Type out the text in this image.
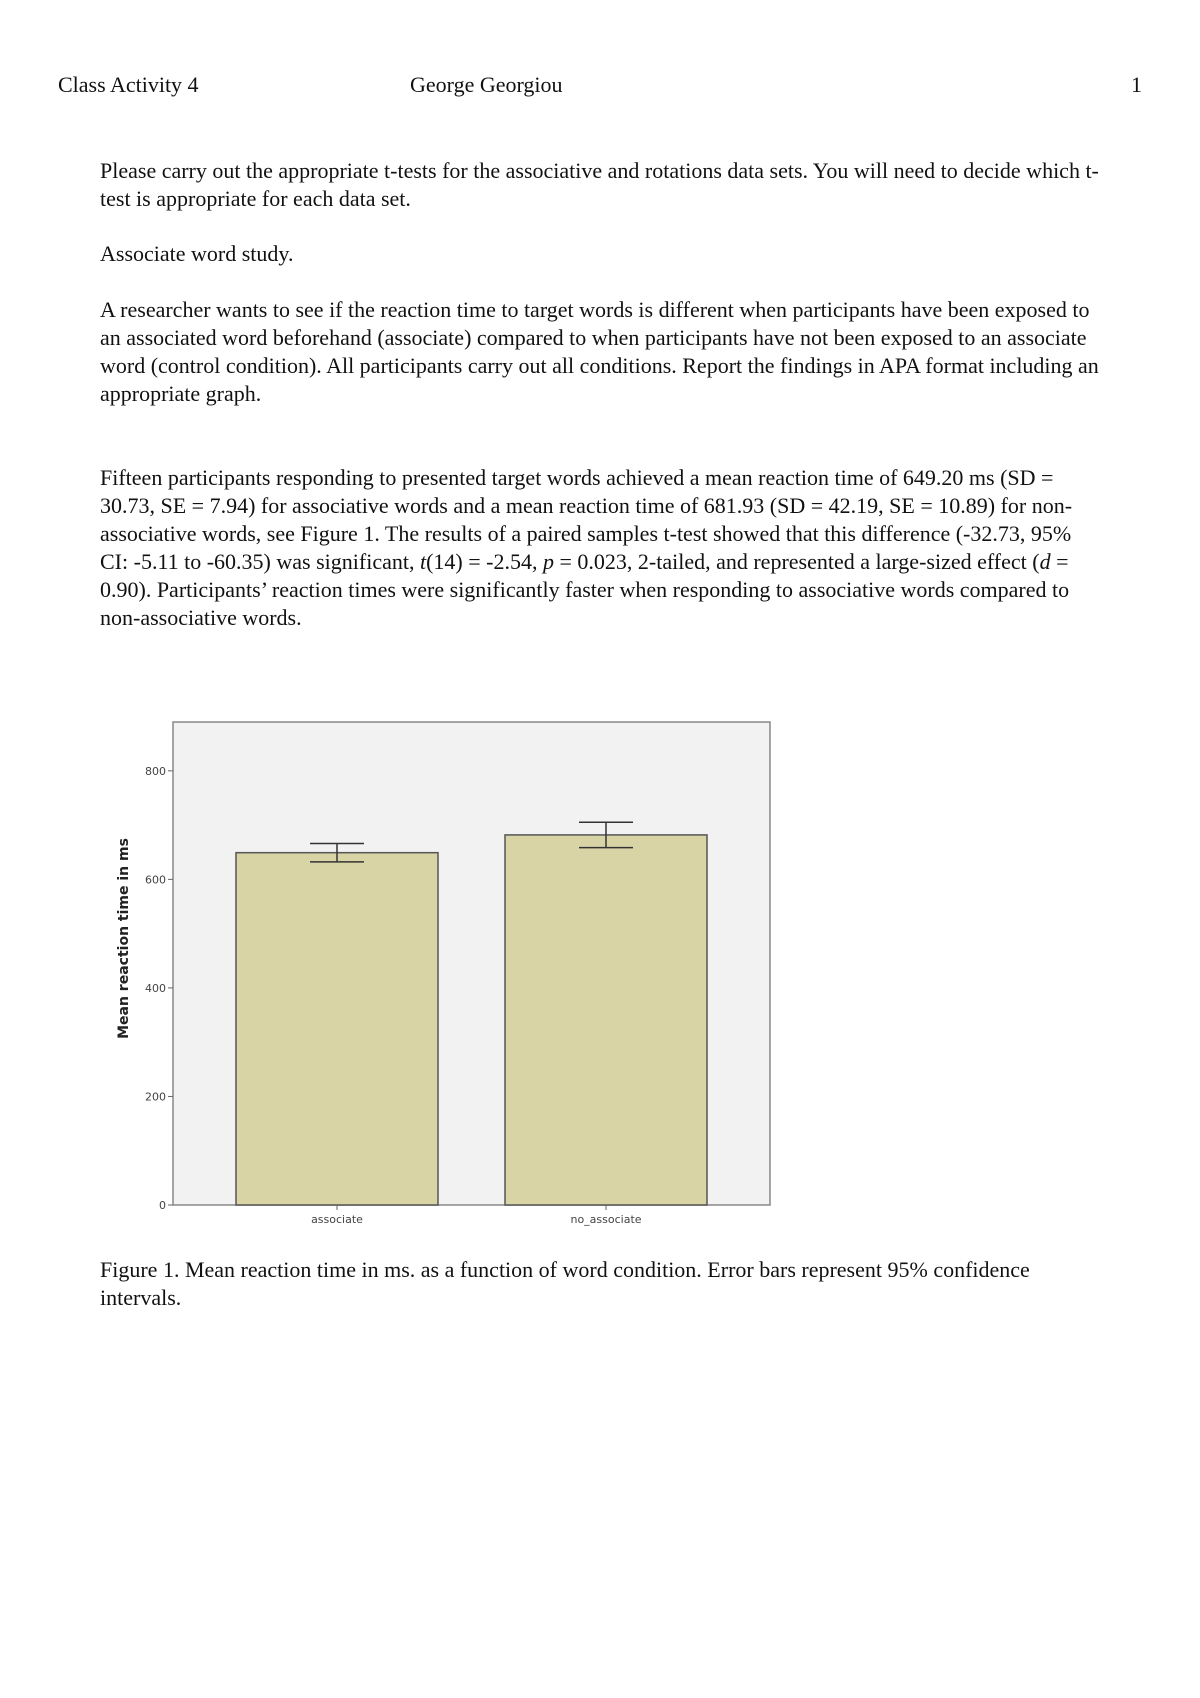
Class Activity 4	George Georgiou	1

Please carry out the appropriate t-tests for the associative and rotations data sets. You will need to decide which t-test is appropriate for each data set.

Associate word study.

A researcher wants to see if the reaction time to target words is different when participants have been exposed to an associated word beforehand (associate) compared to when participants have not been exposed to an associate word (control condition). All participants carry out all conditions. Report the findings in APA format including an appropriate graph.

Fifteen participants responding to presented target words achieved a mean reaction time of 649.20 ms (SD = 30.73, SE = 7.94) for associative words and a mean reaction time of 681.93 (SD = 42.19, SE = 10.89) for non-associative words, see Figure 1. The results of a paired samples t-test showed that this difference (-32.73, 95% CI: -5.11 to -60.35) was significant, t(14) = -2.54, p = 0.023, 2-tailed, and represented a large-sized effect (d = 0.90). Participants’ reaction times were significantly faster when responding to associative words compared to non-associative words.

0
200
400
600
800
Mean reaction time in ms
associate	no_associate

Figure 1. Mean reaction time in ms. as a function of word condition. Error bars represent 95% confidence intervals.
